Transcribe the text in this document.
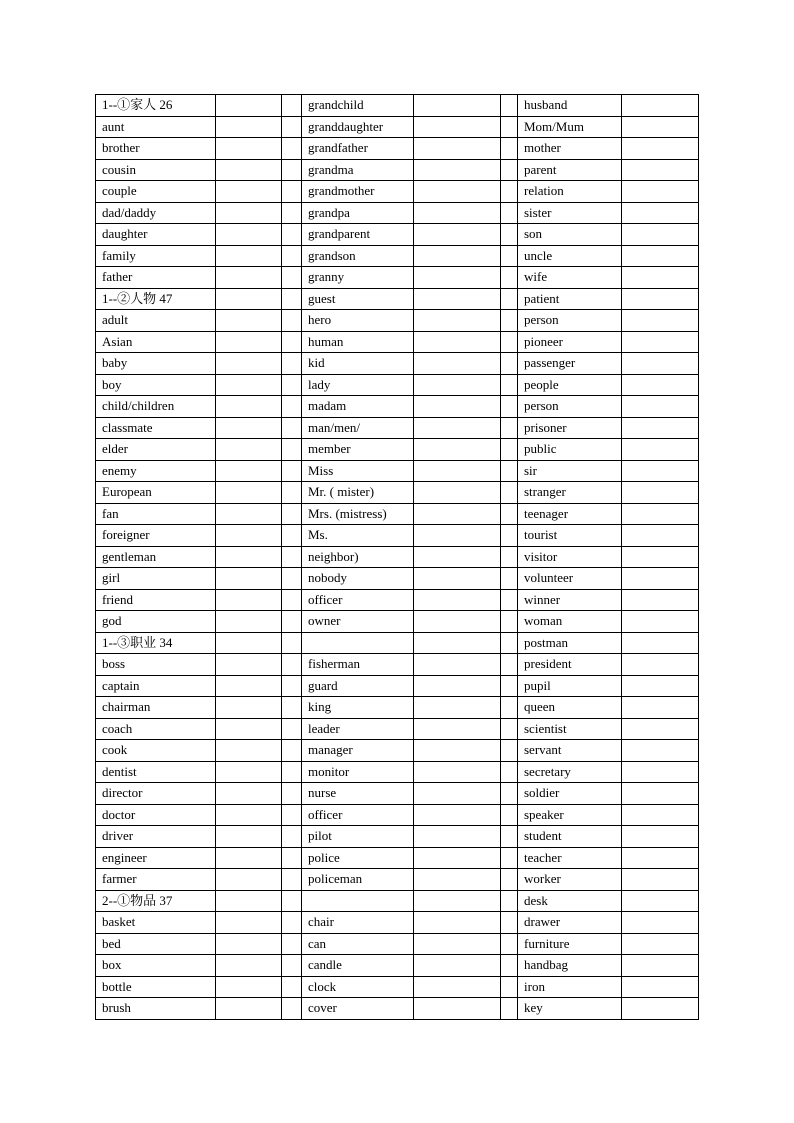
1--①家人 26			grandchild			husband	
aunt			granddaughter			Mom/Mum	
brother			grandfather			mother	
cousin			grandma			parent	
couple			grandmother			relation	
dad/daddy			grandpa			sister	
daughter			grandparent			son	
family			grandson			uncle	
father			granny			wife	
1--②人物 47			guest			patient	
adult			hero			person	
Asian			human			pioneer	
baby			kid			passenger	
boy			lady			people	
child/children			madam			person	
classmate			man/men/			prisoner	
elder			member			public	
enemy			Miss			sir	
European			Mr. ( mister)			stranger	
fan			Mrs. (mistress)			teenager	
foreigner			Ms.			tourist	
gentleman			neighbor)			visitor	
girl			nobody			volunteer	
friend			officer			winner	
god			owner			woman	
1--③职业 34						postman	
boss			fisherman			president	
captain			guard			pupil	
chairman			king			queen	
coach			leader			scientist	
cook			manager			servant	
dentist			monitor			secretary	
director			nurse			soldier	
doctor			officer			speaker	
driver			pilot			student	
engineer			police			teacher	
farmer			policeman			worker	
2--①物品 37						desk	
basket			chair			drawer	
bed			can			furniture	
box			candle			handbag	
bottle			clock			iron	
brush			cover			key	
